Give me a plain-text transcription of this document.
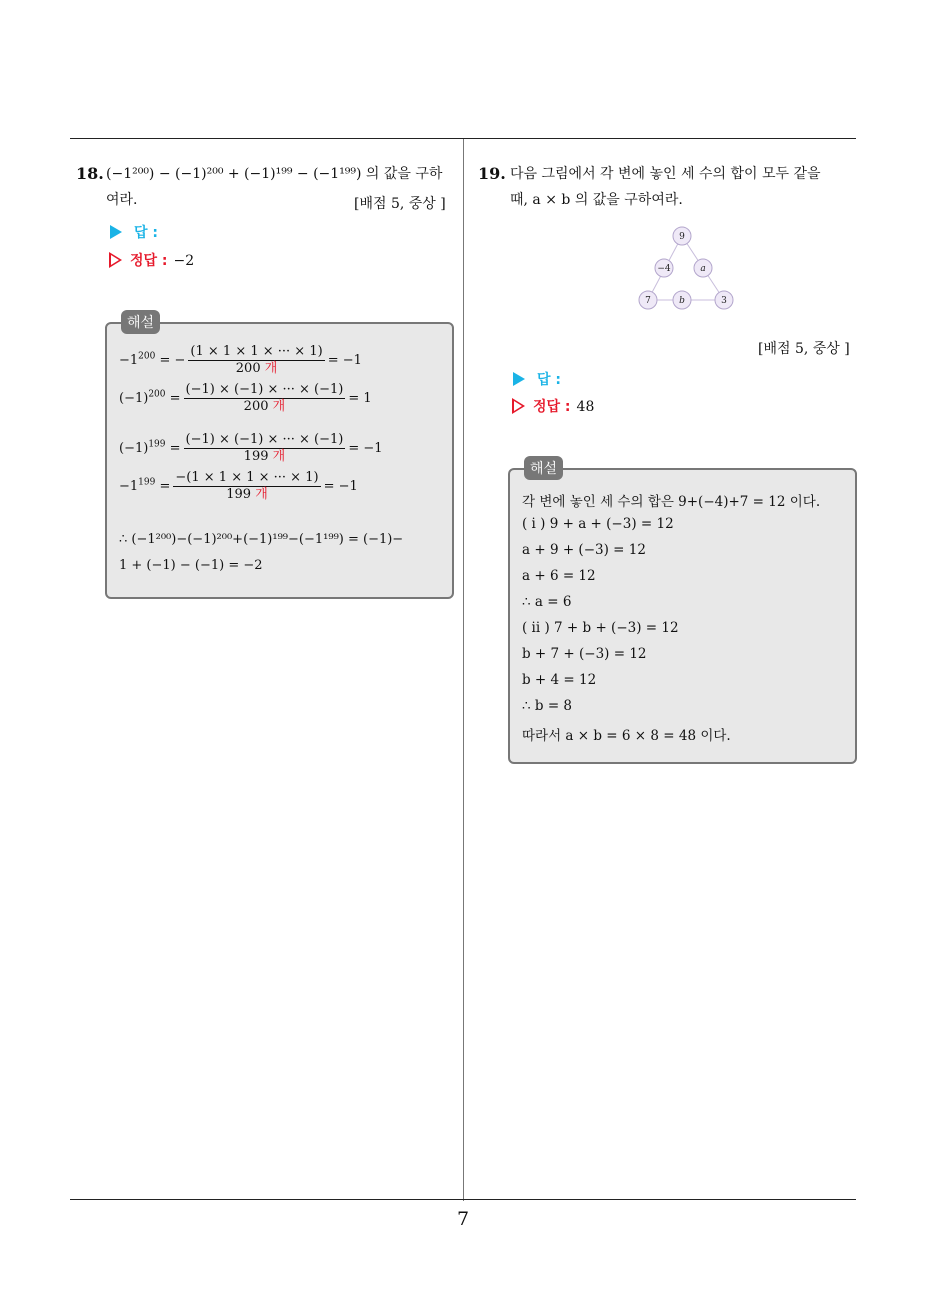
7
18. (−1²⁰⁰) − (−1)²⁰⁰ + (−1)¹⁹⁹ − (−1¹⁹⁹) 의 값을 구하
여라.	[배점 5, 중상 ]
답 :
정답 : −2
해설
$-1^{200}$ = − $\frac{(1 \times 1 \times 1 \times \cdot\cdot\cdot \times 1)}{\text{200 개}} = -1$
$(-1)^{200} = \frac{(-1) \times (-1) \times \cdot\cdot\cdot \times (-1)}{\text{200 개}} = 1$
$(-1)^{199} = \frac{(-1) \times (-1) \times \cdot\cdot\cdot \times (-1)}{\text{199 개}} = -1$
$-1^{199} = \frac{-(1 \times 1 \times 1 \times \cdot\cdot\cdot \times 1)}{\text{199 개}} = -1$
∴ (−1²⁰⁰)−(−1)²⁰⁰+(−1)¹⁹⁹−(−1¹⁹⁹) = (−1)−
1 + (−1) − (−1) = −2
19. 다음 그림에서 각 변에 놓인 세 수의 합이 모두 같을
때, a × b 의 값을 구하여라.
9
−4	a
7	b	3
[배점 5, 중상 ]
답 :
정답 : 48
해설
각 변에 놓인 세 수의 합은 9+(−4)+7 = 12 이다.
( i ) 9 + a + (−3) = 12
a + 9 + (−3) = 12
a + 6 = 12
∴ a = 6
( ii ) 7 + b + (−3) = 12
b + 7 + (−3) = 12
b + 4 = 12
∴ b = 8
따라서 a × b = 6 × 8 = 48 이다.
